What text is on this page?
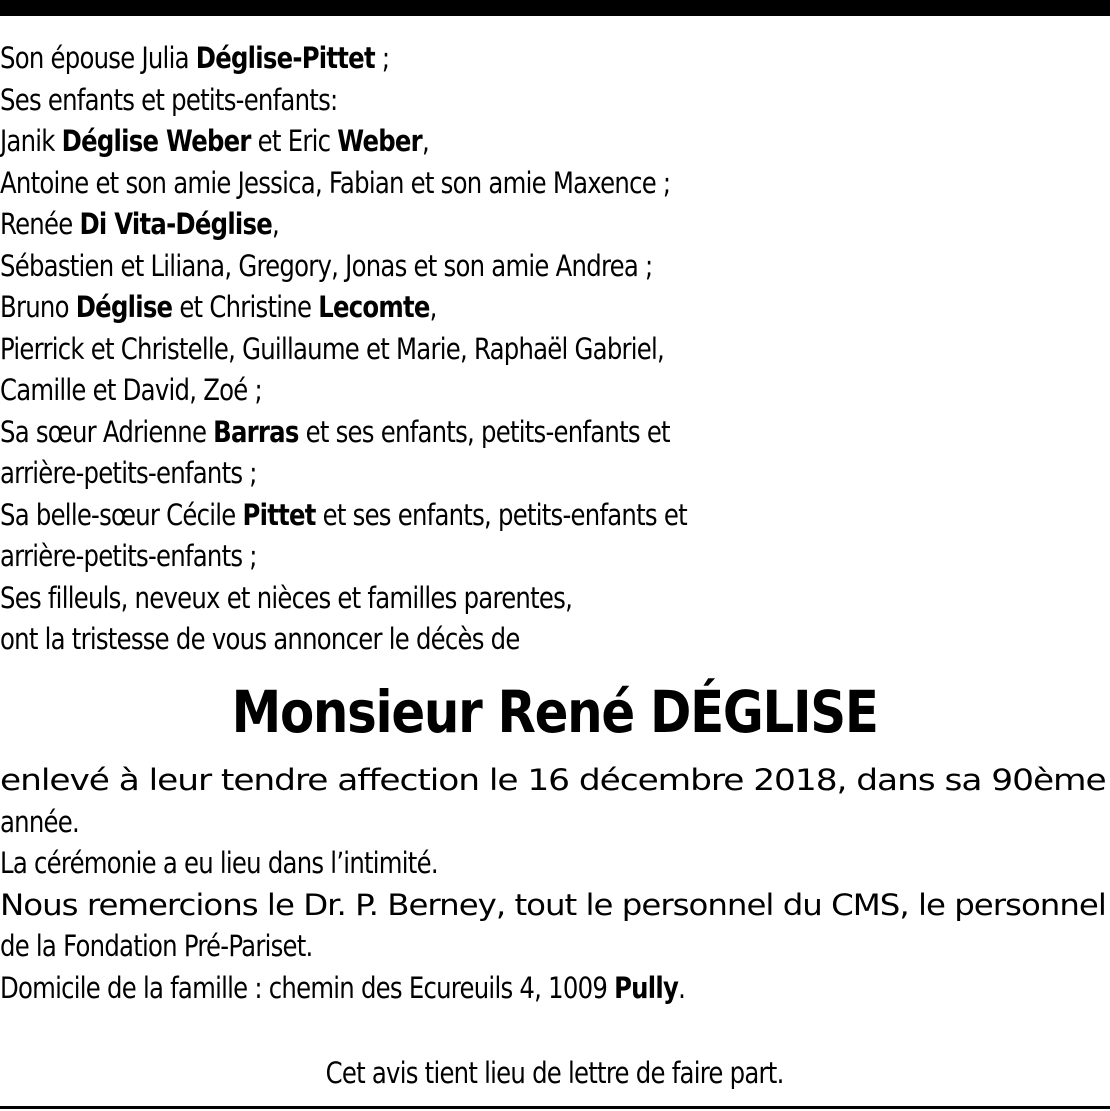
Son épouse Julia Déglise-Pittet ;
Ses enfants et petits-enfants:
Janik Déglise Weber et Eric Weber,
Antoine et son amie Jessica, Fabian et son amie Maxence ;
Renée Di Vita-Déglise,
Sébastien et Liliana, Gregory, Jonas et son amie Andrea ;
Bruno Déglise et Christine Lecomte,
Pierrick et Christelle, Guillaume et Marie, Raphaël Gabriel,
Camille et David, Zoé ;
Sa sœur Adrienne Barras et ses enfants, petits-enfants et
arrière-petits-enfants ;
Sa belle-sœur Cécile Pittet et ses enfants, petits-enfants et
arrière-petits-enfants ;
Ses filleuls, neveux et nièces et familles parentes,
ont la tristesse de vous annoncer le décès de
Monsieur René DÉGLISE
enlevé à leur tendre affection le 16 décembre 2018, dans sa 90ème
année.
La cérémonie a eu lieu dans l’intimité.
Nous remercions le Dr. P. Berney, tout le personnel du CMS, le personnel
de la Fondation Pré-Pariset.
Domicile de la famille : chemin des Ecureuils 4, 1009 Pully.
Cet avis tient lieu de lettre de faire part.
